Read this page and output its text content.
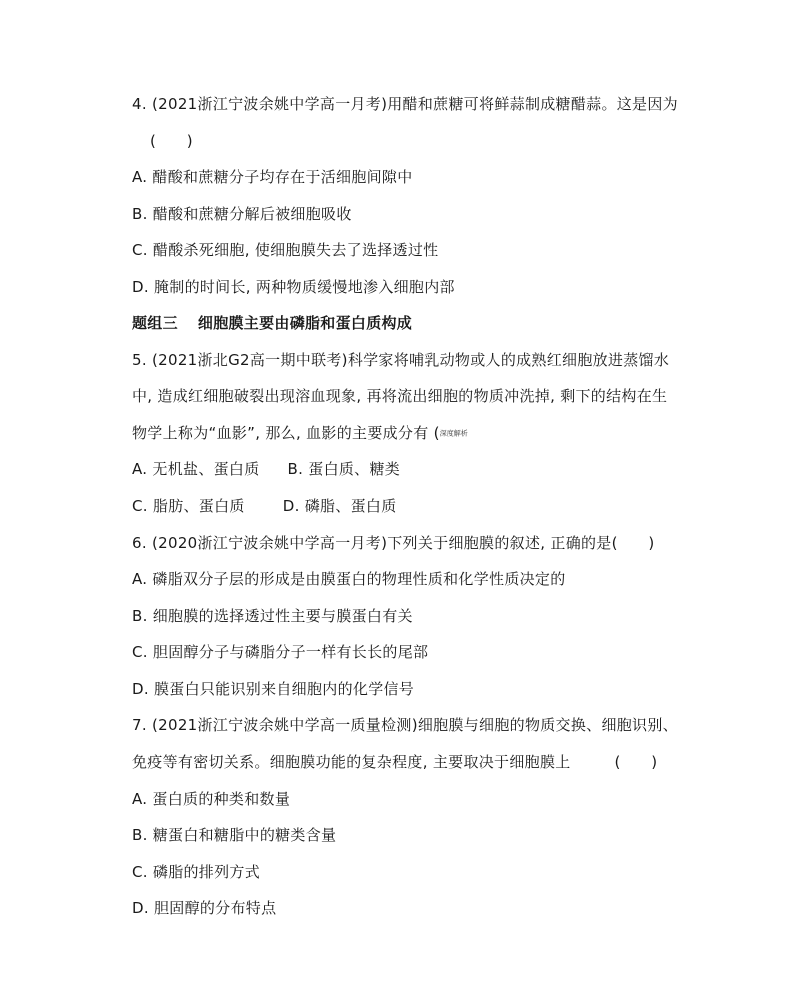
4. (2021浙江宁波余姚中学高一月考)用醋和蔗糖可将鲜蒜制成糖醋蒜。这是因为
(　　)
A. 醋酸和蔗糖分子均存在于活细胞间隙中
B. 醋酸和蔗糖分解后被细胞吸收
C. 醋酸杀死细胞, 使细胞膜失去了选择透过性
D. 腌制的时间长, 两种物质缓慢地渗入细胞内部
题组三 细胞膜主要由磷脂和蛋白质构成
5. (2021浙北G2高一期中联考)科学家将哺乳动物或人的成熟红细胞放进蒸馏水
中, 造成红细胞破裂出现溶血现象, 再将流出细胞的物质冲洗掉, 剩下的结构在生
物学上称为“血影”, 那么, 血影的主要成分有 (深度解析
A. 无机盐、蛋白质 B. 蛋白质、糖类
C. 脂肪、蛋白质	D. 磷脂、蛋白质
6. (2020浙江宁波余姚中学高一月考)下列关于细胞膜的叙述, 正确的是(　　)
A. 磷脂双分子层的形成是由膜蛋白的物理性质和化学性质决定的
B. 细胞膜的选择透过性主要与膜蛋白有关
C. 胆固醇分子与磷脂分子一样有长长的尾部
D. 膜蛋白只能识别来自细胞内的化学信号
7. (2021浙江宁波余姚中学高一质量检测)细胞膜与细胞的物质交换、细胞识别、
免疫等有密切关系。细胞膜功能的复杂程度, 主要取决于细胞膜上	(　　)
A. 蛋白质的种类和数量
B. 糖蛋白和糖脂中的糖类含量
C. 磷脂的排列方式
D. 胆固醇的分布特点
